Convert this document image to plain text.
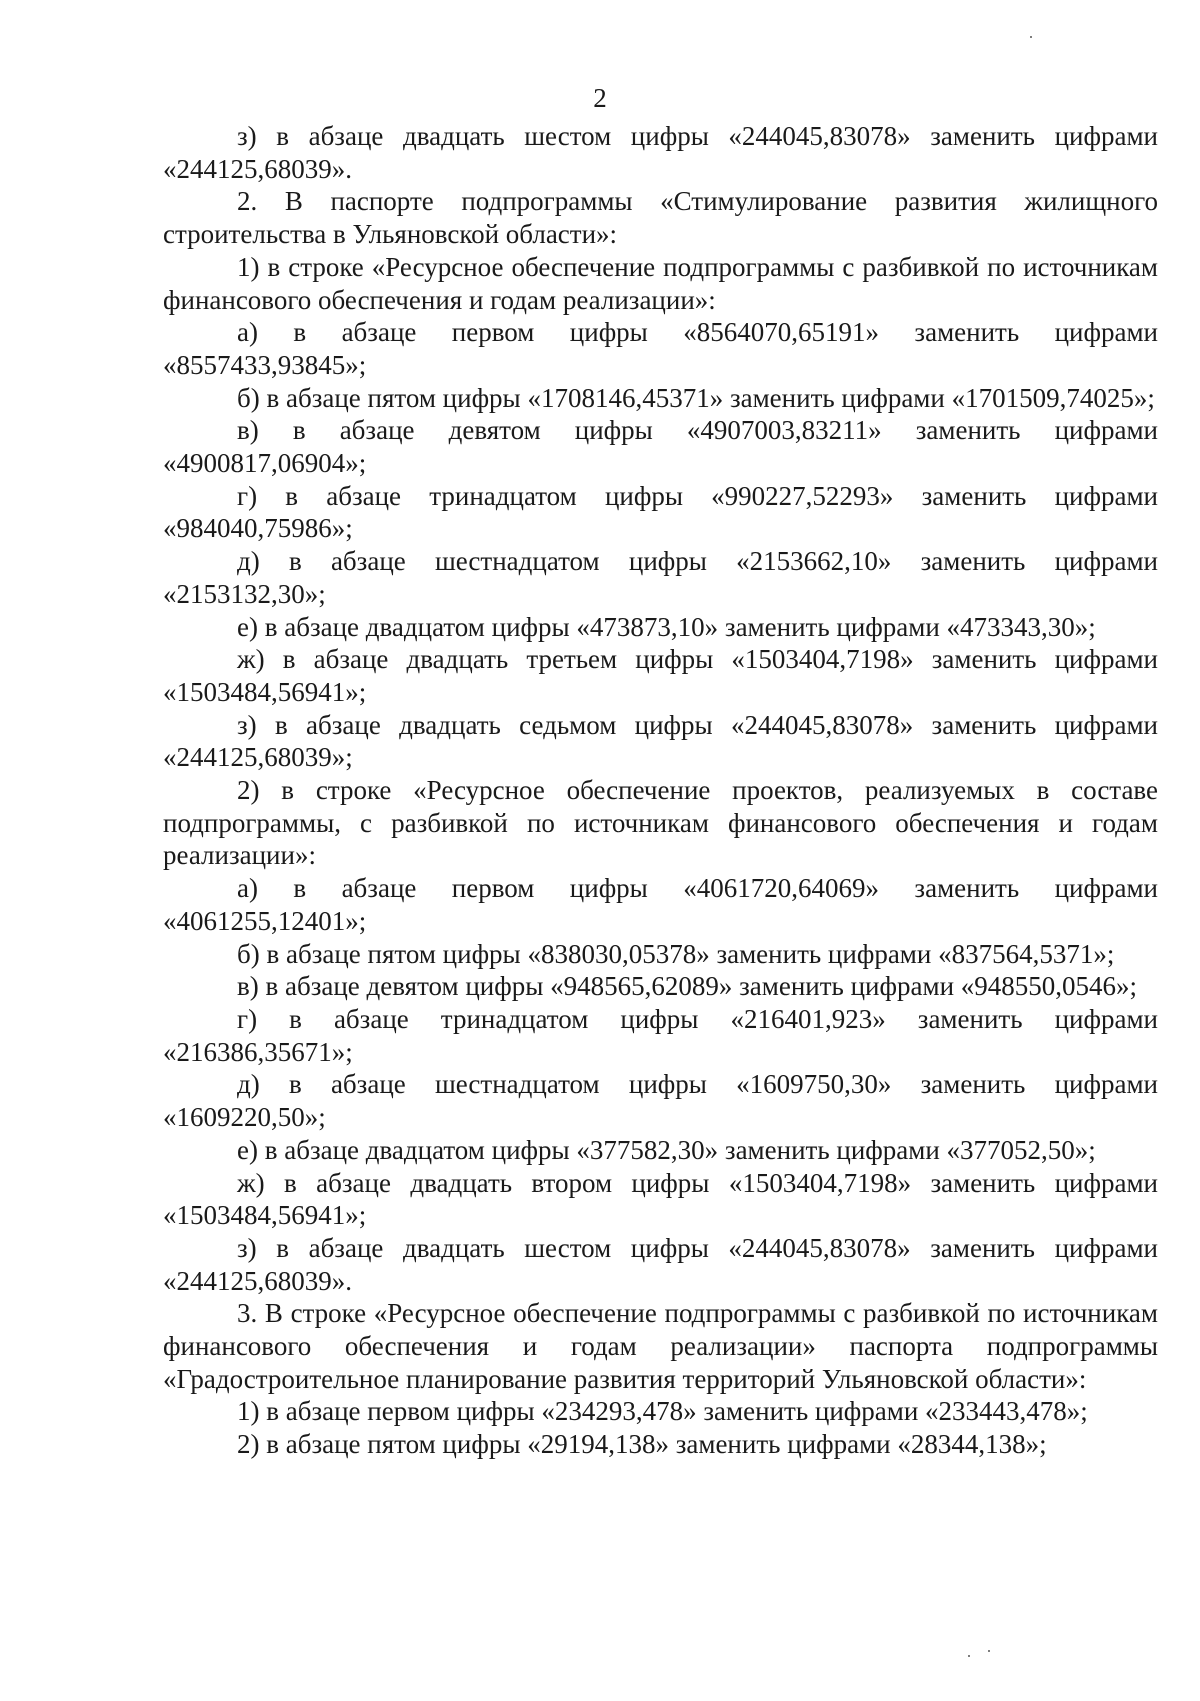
2

з) в абзаце двадцать шестом цифры «244045,83078» заменить цифрами «244125,68039».

2. В паспорте подпрограммы «Стимулирование развития жилищного строительства в Ульяновской области»:

1) в строке «Ресурсное обеспечение подпрограммы с разбивкой по источникам финансового обеспечения и годам реализации»:

а) в абзаце первом цифры «8564070,65191» заменить цифрами «8557433,93845»;

б) в абзаце пятом цифры «1708146,45371» заменить цифрами «1701509,74025»;

в) в абзаце девятом цифры «4907003,83211» заменить цифрами «4900817,06904»;

г) в абзаце тринадцатом цифры «990227,52293» заменить цифрами «984040,75986»;

д) в абзаце шестнадцатом цифры «2153662,10» заменить цифрами «2153132,30»;

е) в абзаце двадцатом цифры «473873,10» заменить цифрами «473343,30»;

ж) в абзаце двадцать третьем цифры «1503404,7198» заменить цифрами «1503484,56941»;

з) в абзаце двадцать седьмом цифры «244045,83078» заменить цифрами «244125,68039»;

2) в строке «Ресурсное обеспечение проектов, реализуемых в составе подпрограммы, с разбивкой по источникам финансового обеспечения и годам реализации»:

а) в абзаце первом цифры «4061720,64069» заменить цифрами «4061255,12401»;

б) в абзаце пятом цифры «838030,05378» заменить цифрами «837564,5371»;

в) в абзаце девятом цифры «948565,62089» заменить цифрами «948550,0546»;

г) в абзаце тринадцатом цифры «216401,923» заменить цифрами «216386,35671»;

д) в абзаце шестнадцатом цифры «1609750,30» заменить цифрами «1609220,50»;

е) в абзаце двадцатом цифры «377582,30» заменить цифрами «377052,50»;

ж) в абзаце двадцать втором цифры «1503404,7198» заменить цифрами «1503484,56941»;

з) в абзаце двадцать шестом цифры «244045,83078» заменить цифрами «244125,68039».

3. В строке «Ресурсное обеспечение подпрограммы с разбивкой по источникам финансового обеспечения и годам реализации» паспорта подпрограммы «Градостроительное планирование развития территорий Ульяновской области»:

1) в абзаце первом цифры «234293,478» заменить цифрами «233443,478»;

2) в абзаце пятом цифры «29194,138» заменить цифрами «28344,138»;
